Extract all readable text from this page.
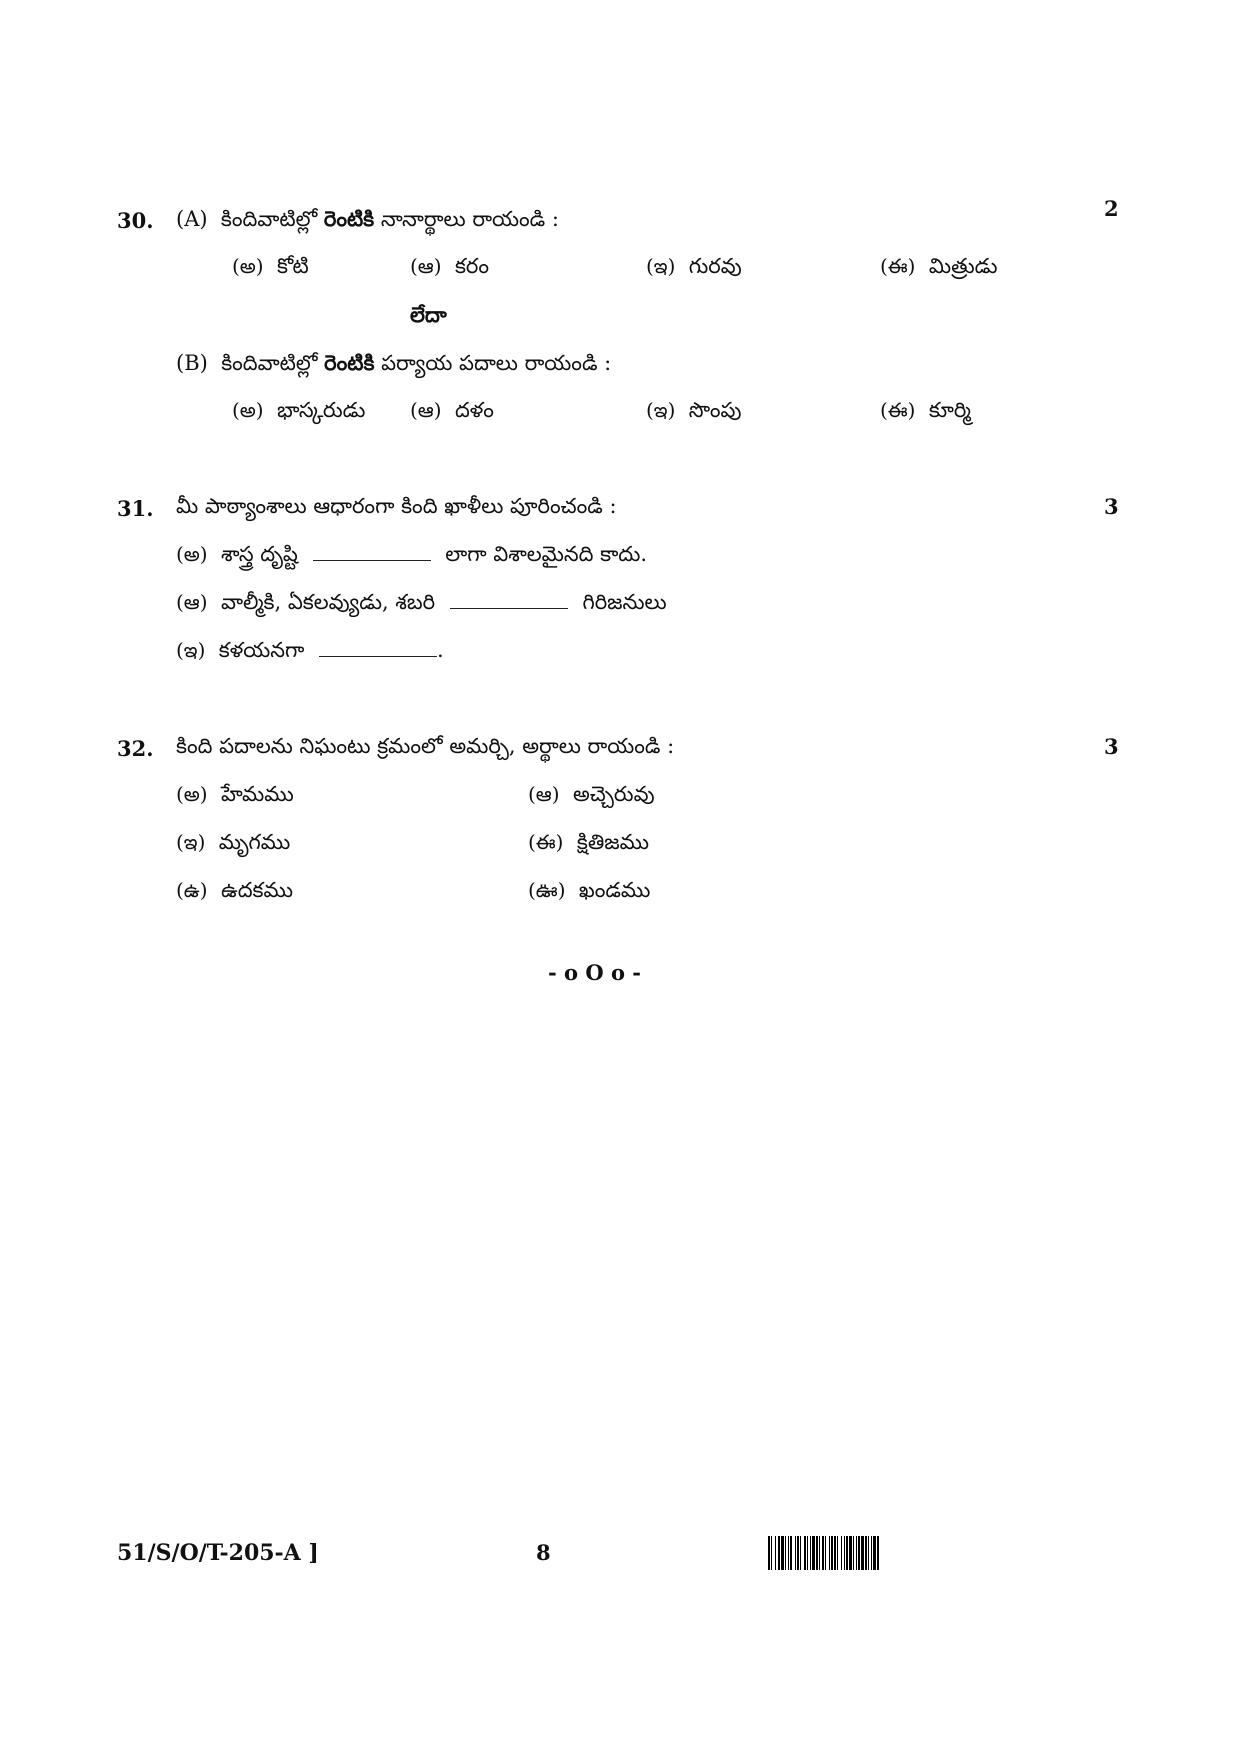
30. (A) కిందివాటిల్లో రెంటికి నానార్థాలు రాయండి :	2
(అ) కోటి	(ఆ) కరం	(ఇ) గురవు	(ఈ) మిత్రుడు
లేదా
(B) కిందివాటిల్లో రెంటికి పర్యాయ పదాలు రాయండి :
(అ) భాస్కరుడు (ఆ) దళం	(ఇ) సొంపు	(ఈ) కూర్మి
31. మీ పాఠ్యాంశాలు ఆధారంగా కింది ఖాళీలు పూరించండి :	3
(అ) శాస్త్ర దృష్టి	లాగా విశాలమైనది కాదు.
(ఆ) వాల్మీకి, ఏకలవ్యుడు, శబరి	గిరిజనులు
(ఇ) కళయనగా	.
32. కింది పదాలను నిఘంటు క్రమంలో అమర్చి, అర్థాలు రాయండి :	3
(అ) హేమము	(ఆ) అచ్చెరువు
(ఇ) మృగము	(ఈ) క్షితిజము
(ఉ) ఉదకము	(ఊ) ఖండము
- o O o -
51/S/O/T-205-A ]	8
